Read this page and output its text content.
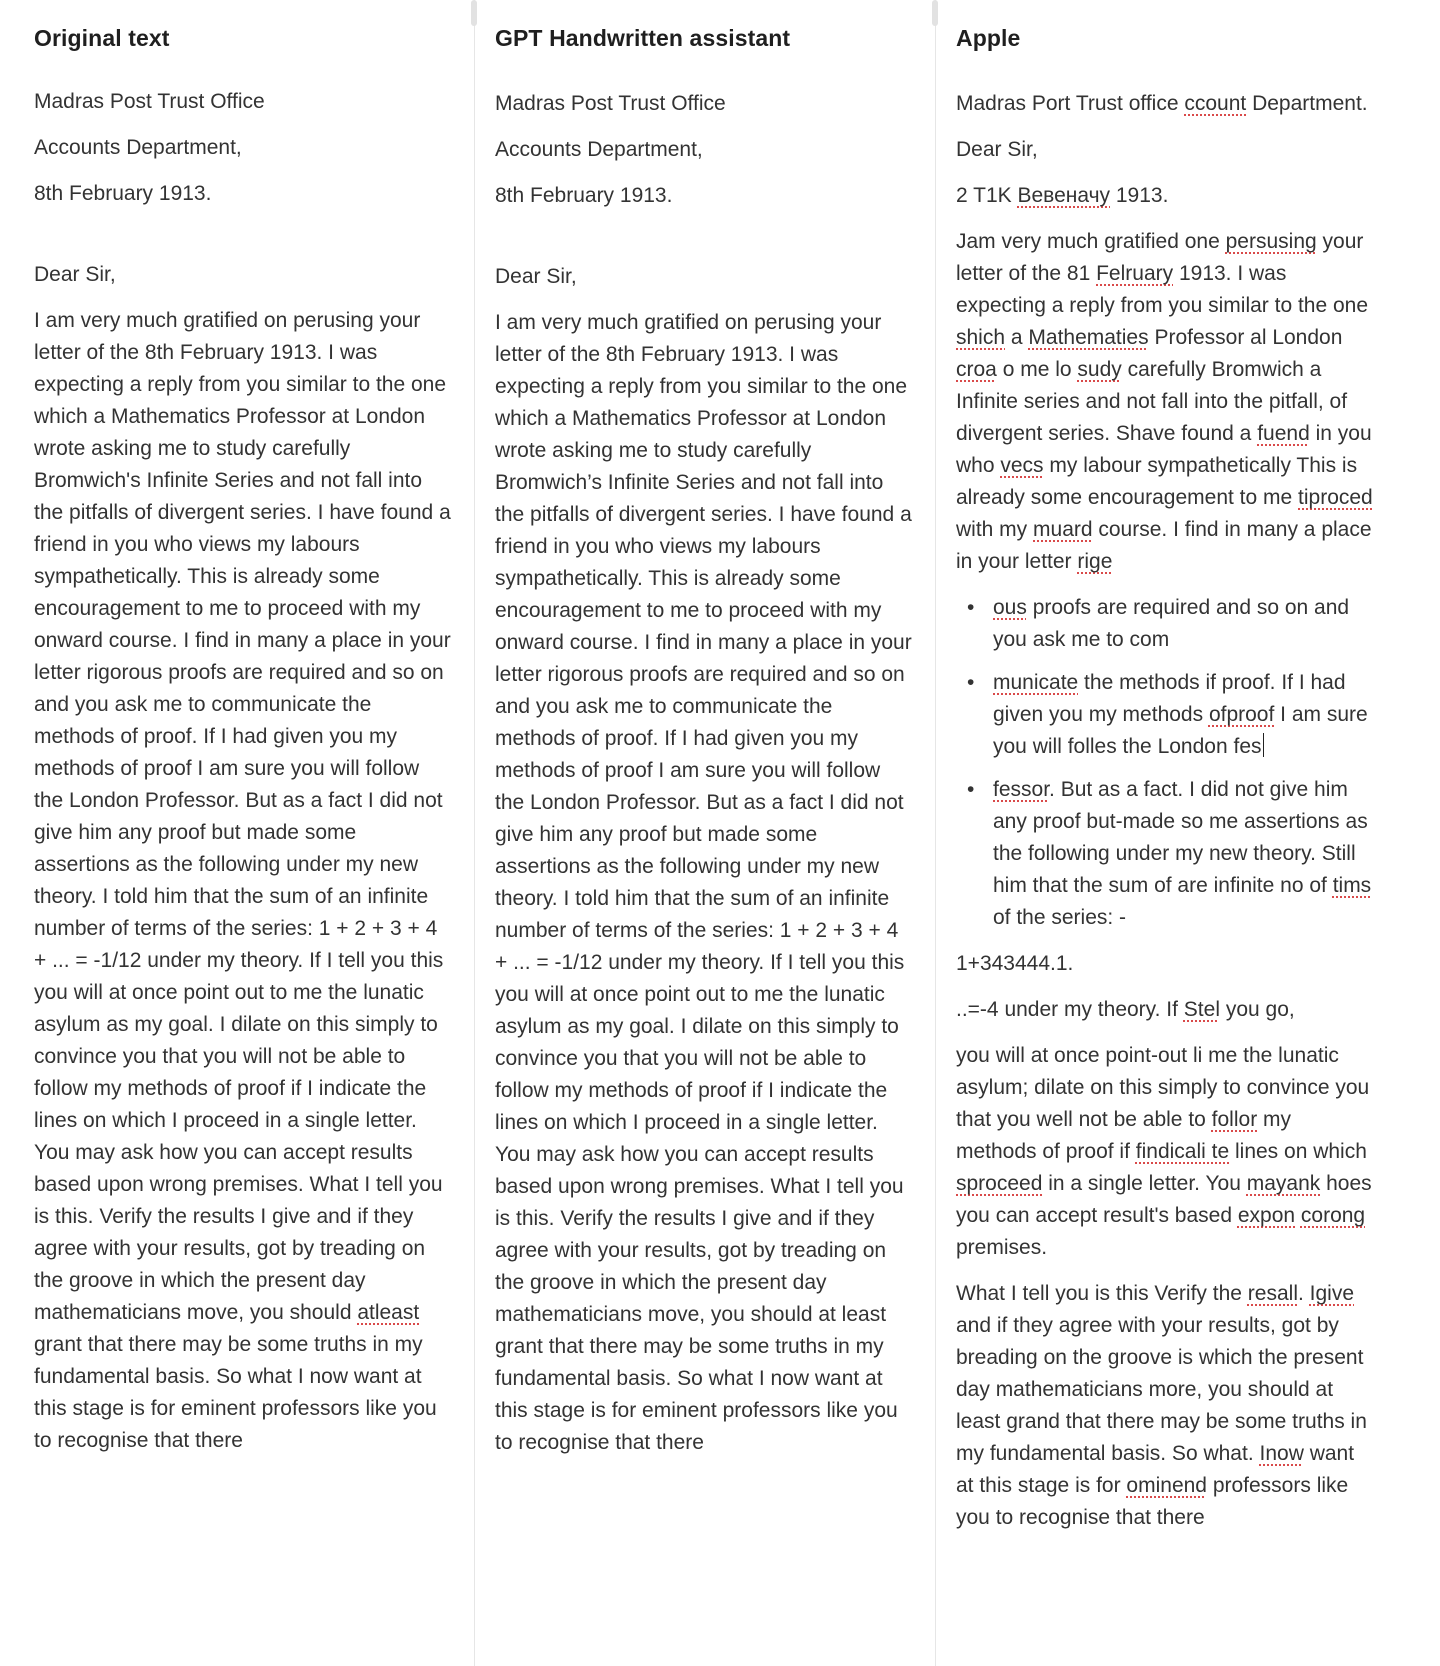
Original text

Madras Post Trust Office

Accounts Department,

8th February 1913.

Dear Sir,

I am very much gratified on perusing your letter of the 8th February 1913. I was expecting a reply from you similar to the one which a Mathematics Professor at London wrote asking me to study carefully Bromwich's Infinite Series and not fall into the pitfalls of divergent series. I have found a friend in you who views my labours sympathetically. This is already some encouragement to me to proceed with my onward course. I find in many a place in your letter rigorous proofs are required and so on and you ask me to communicate the methods of proof. If I had given you my methods of proof I am sure you will follow the London Professor. But as a fact I did not give him any proof but made some assertions as the following under my new theory. I told him that the sum of an infinite number of terms of the series: 1 + 2 + 3 + 4 + ... = -1/12 under my theory. If I tell you this you will at once point out to me the lunatic asylum as my goal. I dilate on this simply to convince you that you will not be able to follow my methods of proof if I indicate the lines on which I proceed in a single letter. You may ask how you can accept results based upon wrong premises. What I tell you is this. Verify the results I give and if they agree with your results, got by treading on the groove in which the present day mathematicians move, you should atleast grant that there may be some truths in my fundamental basis. So what I now want at this stage is for eminent professors like you to recognise that there

GPT Handwritten assistant

Madras Post Trust Office

Accounts Department,

8th February 1913.

Dear Sir,

I am very much gratified on perusing your letter of the 8th February 1913. I was expecting a reply from you similar to the one which a Mathematics Professor at London wrote asking me to study carefully Bromwich’s Infinite Series and not fall into the pitfalls of divergent series. I have found a friend in you who views my labours sympathetically. This is already some encouragement to me to proceed with my onward course. I find in many a place in your letter rigorous proofs are required and so on and you ask me to communicate the methods of proof. If I had given you my methods of proof I am sure you will follow the London Professor. But as a fact I did not give him any proof but made some assertions as the following under my new theory. I told him that the sum of an infinite number of terms of the series: 1 + 2 + 3 + 4 + ... = -1/12 under my theory. If I tell you this you will at once point out to me the lunatic asylum as my goal. I dilate on this simply to convince you that you will not be able to follow my methods of proof if I indicate the lines on which I proceed in a single letter. You may ask how you can accept results based upon wrong premises. What I tell you is this. Verify the results I give and if they agree with your results, got by treading on the groove in which the present day mathematicians move, you should at least grant that there may be some truths in my fundamental basis. So what I now want at this stage is for eminent professors like you to recognise that there

Apple

Madras Port Trust office ccount Department.

Dear Sir,

2 T1K Вевеначу 1913.

Jam very much gratified one persusing your letter of the 81 Felruary 1913. I was expecting a reply from you similar to the one shich a Mathematies Professor al London croa o me lo sudy carefully Bromwich a Infinite series and not fall into the pitfall, of divergent series. Shave found a fuend in you who vecs my labour sympathetically This is already some encouragement to me tiproced with my muard course. I find in many a place in your letter rige

• ous proofs are required and so on and you ask me to com
• municate the methods if proof. If I had given you my methods ofproof I am sure you will folles the London fes
• fessor. But as a fact. I did not give him any proof but-made so me assertions as the following under my new theory. Still him that the sum of are infinite no of tims of the series: -

1+343444.1.

..=-4 under my theory. If Stel you go,

you will at once point-out li me the lunatic asylum; dilate on this simply to convince you that you well not be able to follor my methods of proof if findicali te lines on which sproceed in a single letter. You mayank hoes you can accept result's based expon corong premises.

What I tell you is this Verify the resall. Igive and if they agree with your results, got by breading on the groove is which the present day mathematicians more, you should at least grand that there may be some truths in my fundamental basis. So what. Inow want at this stage is for ominend professors like you to recognise that there
